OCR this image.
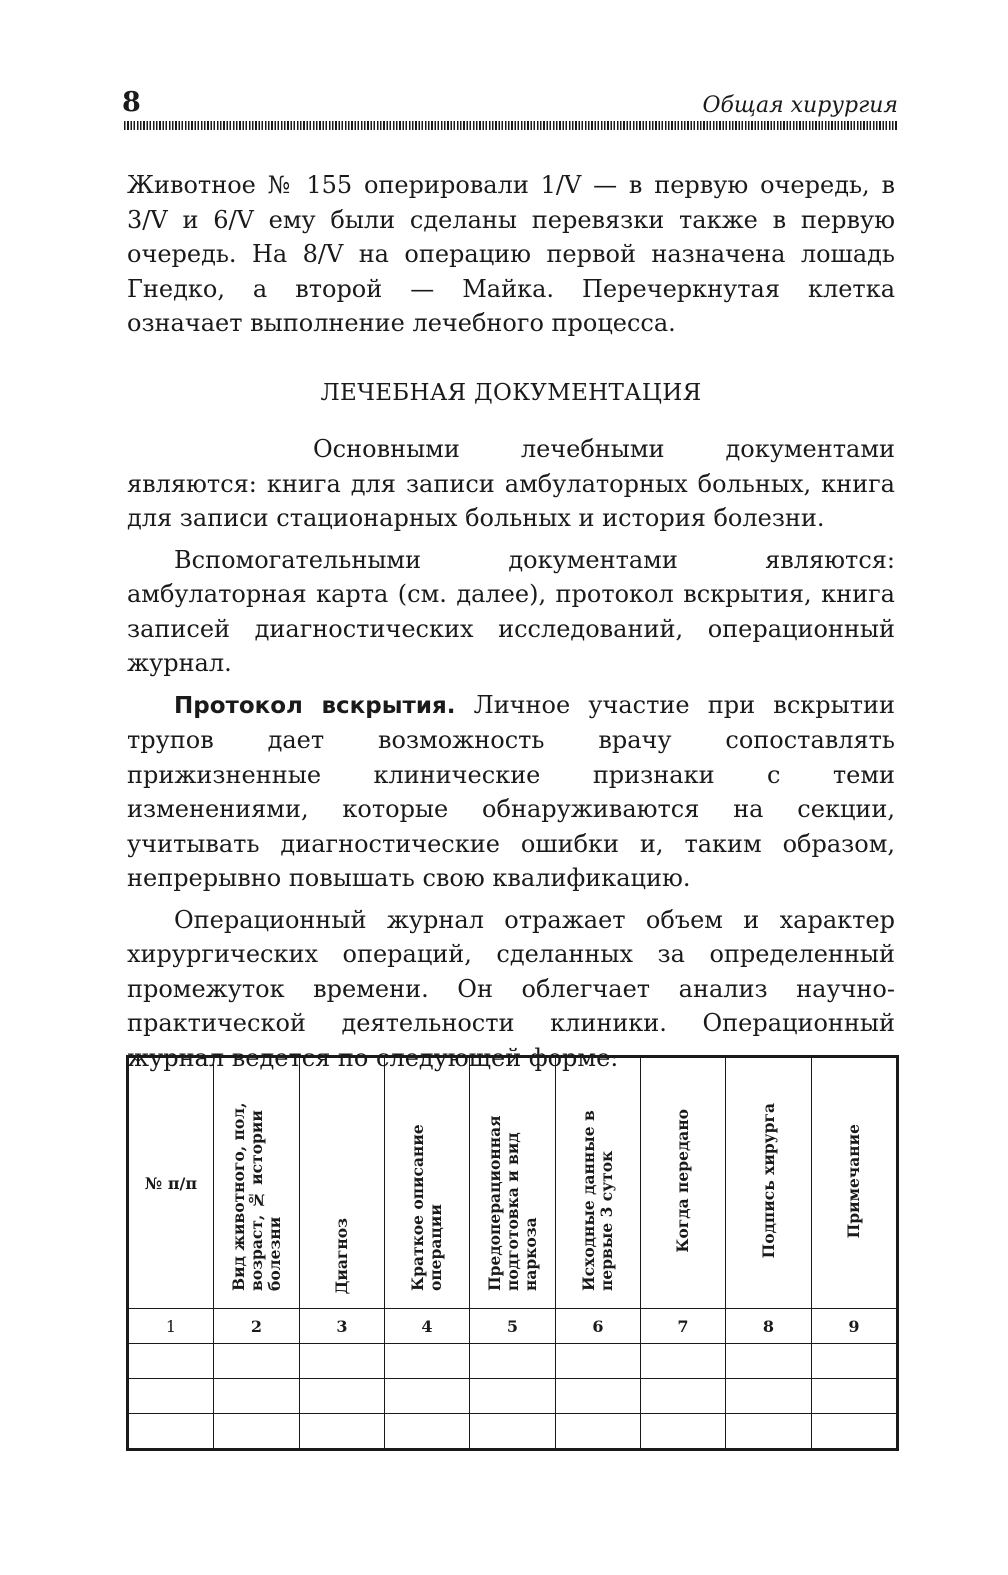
8	Общая хирургия

Животное № 155 оперировали 1/V — в первую очередь, в 3/V и 6/V ему были сделаны перевязки также в первую очередь. На 8/V на операцию первой назначена лошадь Гнедко, а второй — Майка. Перечеркнутая клетка означает выполнение лечебного процесса.

ЛЕЧЕБНАЯ ДОКУМЕНТАЦИЯ

Основными лечебными документами являются: книга для записи амбулаторных больных, книга для записи стационарных больных и история болезни.

Вспомогательными документами являются: амбулаторная карта (см. далее), протокол вскрытия, книга записей диагностических исследований, операционный журнал.

Протокол вскрытия. Личное участие при вскрытии трупов дает возможность врачу сопоставлять прижизненные клинические признаки с теми изменениями, которые обнаруживаются на секции, учитывать диагностические ошибки и, таким образом, непрерывно повышать свою квалификацию.

Операционный журнал отражает объем и характер хирургических операций, сделанных за определенный промежуток времени. Он облегчает анализ научно-практической деятельности клиники. Операционный журнал ведется по следующей форме:

№ п/п	Вид животного, пол, возраст, № истории болезни	Диагноз	Краткое описание операции	Предоперационная подготовка и вид наркоза	Исходные данные в первые 3 суток	Когда передано	Подпись хирурга	Примечание
1	2	3	4	5	6	7	8	9
